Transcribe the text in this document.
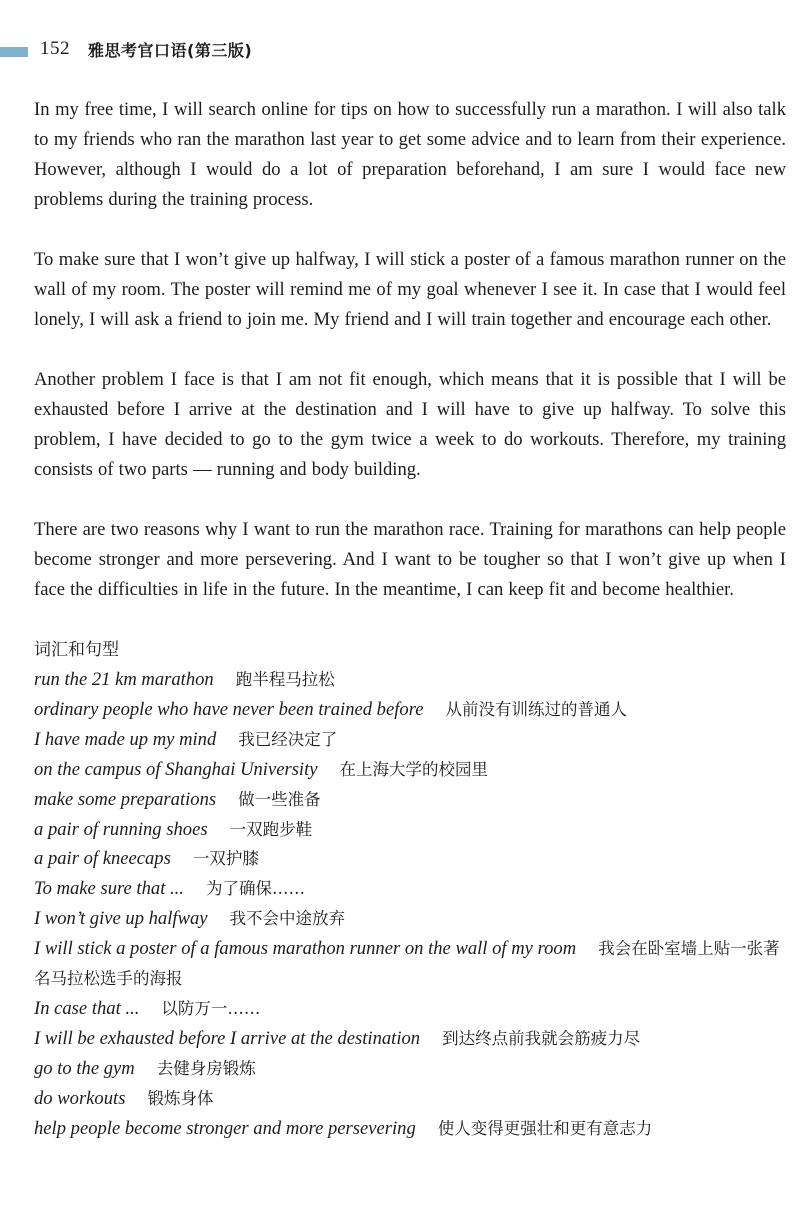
152 雅思考官口语(第三版)

In my free time, I will search online for tips on how to successfully run a marathon. I will also talk to my friends who ran the marathon last year to get some advice and to learn from their experience. However, although I would do a lot of preparation beforehand, I am sure I would face new problems during the training process.

To make sure that I won’t give up halfway, I will stick a poster of a famous marathon runner on the wall of my room. The poster will remind me of my goal whenever I see it. In case that I would feel lonely, I will ask a friend to join me. My friend and I will train together and encourage each other.

Another problem I face is that I am not fit enough, which means that it is possible that I will be exhausted before I arrive at the destination and I will have to give up halfway. To solve this problem, I have decided to go to the gym twice a week to do workouts. Therefore, my training consists of two parts — running and body building.

There are two reasons why I want to run the marathon race. Training for marathons can help people become stronger and more persevering. And I want to be tougher so that I won’t give up when I face the difficulties in life in the future. In the meantime, I can keep fit and become healthier.

词汇和句型
run the 21 km marathon 跑半程马拉松
ordinary people who have never been trained before 从前没有训练过的普通人
I have made up my mind 我已经决定了
on the campus of Shanghai University 在上海大学的校园里
make some preparations 做一些准备
a pair of running shoes 一双跑步鞋
a pair of kneecaps 一双护膝
To make sure that ... 为了确保……
I won’t give up halfway 我不会中途放弃
I will stick a poster of a famous marathon runner on the wall of my room 我会在卧室墙上贴一张著名马拉松选手的海报
In case that ... 以防万一……
I will be exhausted before I arrive at the destination 到达终点前我就会筋疲力尽
go to the gym 去健身房锻炼
do workouts 锻炼身体
help people become stronger and more persevering 使人变得更强壮和更有意志力
